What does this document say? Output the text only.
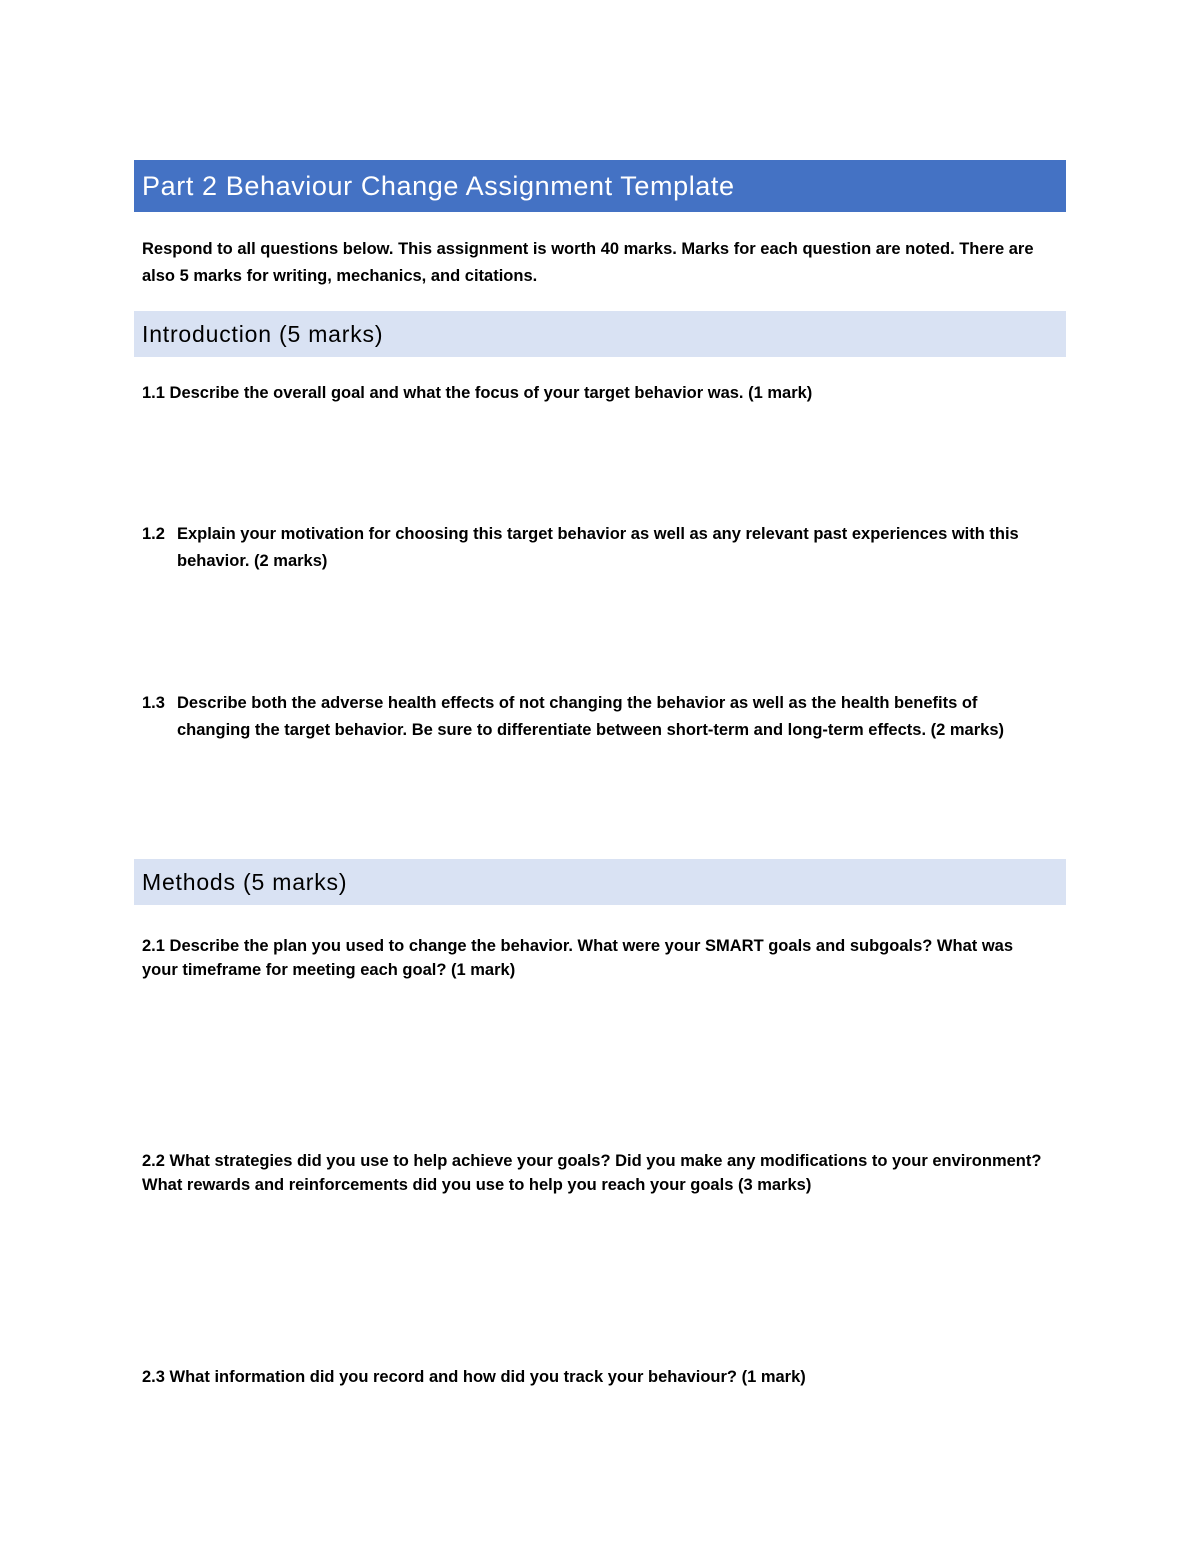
Part 2 Behaviour Change Assignment Template

Respond to all questions below. This assignment is worth 40 marks. Marks for each question are noted. There are also 5 marks for writing, mechanics, and citations.

Introduction (5 marks)

1.1 Describe the overall goal and what the focus of your target behavior was. (1 mark)

1.2 Explain your motivation for choosing this target behavior as well as any relevant past experiences with this behavior. (2 marks)
1.3 Describe both the adverse health effects of not changing the behavior as well as the health benefits of changing the target behavior. Be sure to differentiate between short-term and long-term effects. (2 marks)
Methods (5 marks)

2.1 Describe the plan you used to change the behavior. What were your SMART goals and subgoals? What was your timeframe for meeting each goal? (1 mark)

2.2 What strategies did you use to help achieve your goals? Did you make any modifications to your environment? What rewards and reinforcements did you use to help you reach your goals (3 marks)

2.3 What information did you record and how did you track your behaviour? (1 mark)
